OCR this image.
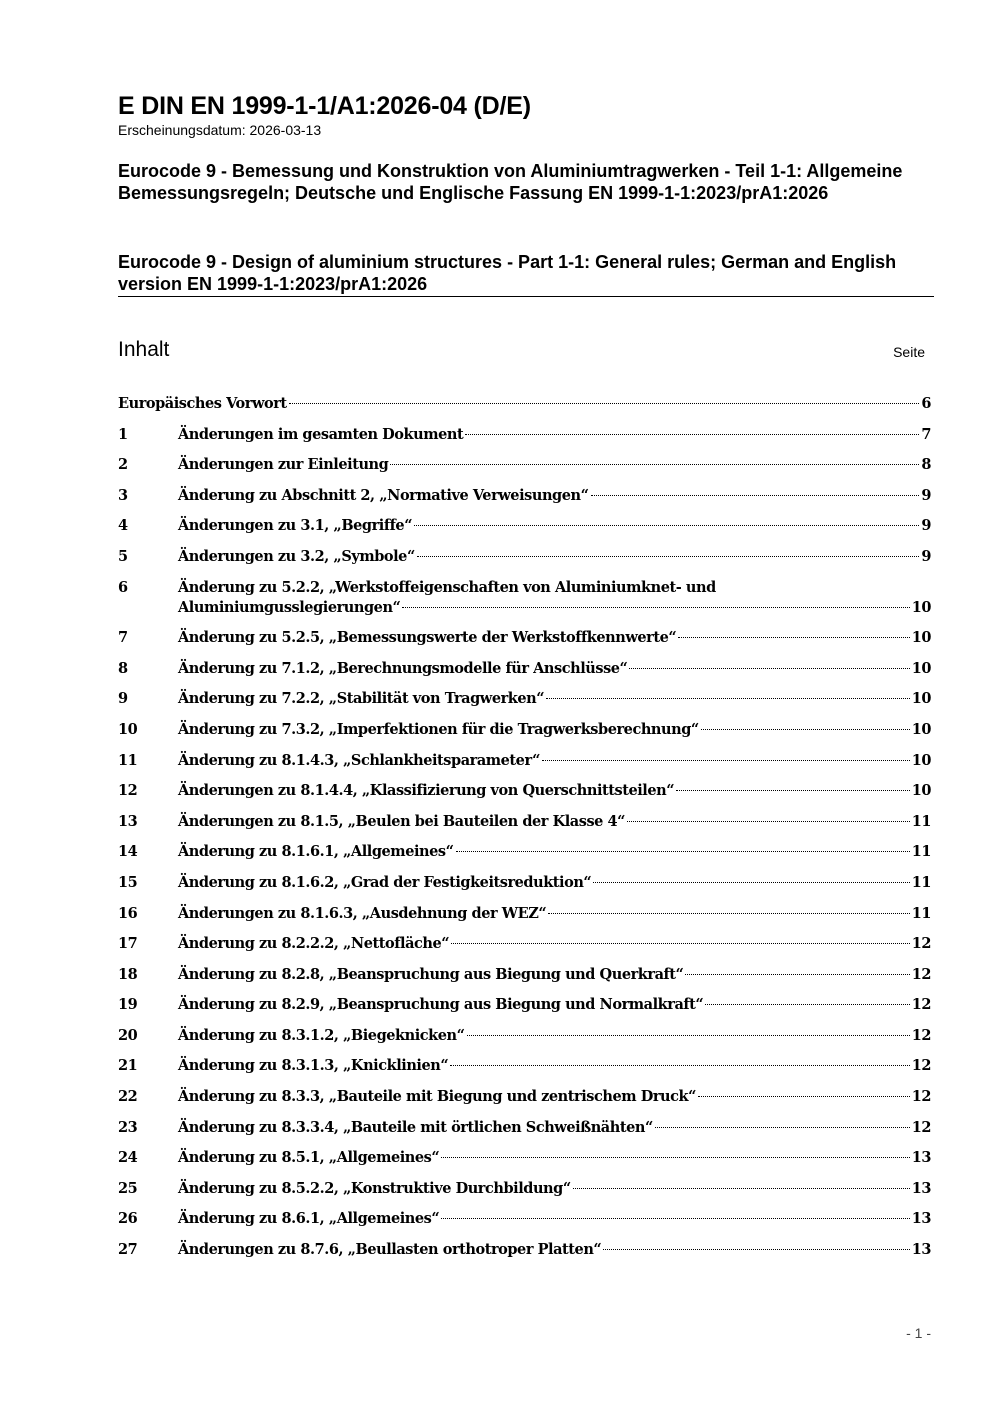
E DIN EN 1999-1-1/A1:2026-04 (D/E)
Erscheinungsdatum: 2026-03-13
Eurocode 9 - Bemessung und Konstruktion von Aluminiumtragwerken - Teil 1-1: Allgemeine Bemessungsregeln; Deutsche und Englische Fassung EN 1999-1-1:2023/prA1:2026
Eurocode 9 - Design of aluminium structures - Part 1-1: General rules; German and English version EN 1999-1-1:2023/prA1:2026
Inhalt	Seite
Europäisches Vorwort	6
1	Änderungen im gesamten Dokument	7
2	Änderungen zur Einleitung	8
3	Änderung zu Abschnitt 2, „Normative Verweisungen“	9
4	Änderungen zu 3.1, „Begriffe“	9
5	Änderungen zu 3.2, „Symbole“	9
6	Änderung zu 5.2.2, „Werkstoffeigenschaften von Aluminiumknet- und
Aluminiumgusslegierungen“	10
7	Änderung zu 5.2.5, „Bemessungswerte der Werkstoffkennwerte“	10
8	Änderung zu 7.1.2, „Berechnungsmodelle für Anschlüsse“	10
9	Änderung zu 7.2.2, „Stabilität von Tragwerken“	10
10	Änderung zu 7.3.2, „Imperfektionen für die Tragwerksberechnung“	10
11	Änderung zu 8.1.4.3, „Schlankheitsparameter“	10
12	Änderungen zu 8.1.4.4, „Klassifizierung von Querschnittsteilen“	10
13	Änderungen zu 8.1.5, „Beulen bei Bauteilen der Klasse 4“	11
14	Änderung zu 8.1.6.1, „Allgemeines“	11
15	Änderung zu 8.1.6.2, „Grad der Festigkeitsreduktion“	11
16	Änderungen zu 8.1.6.3, „Ausdehnung der WEZ“	11
17	Änderung zu 8.2.2.2, „Nettofläche“	12
18	Änderung zu 8.2.8, „Beanspruchung aus Biegung und Querkraft“	12
19	Änderung zu 8.2.9, „Beanspruchung aus Biegung und Normalkraft“	12
20	Änderung zu 8.3.1.2, „Biegeknicken“	12
21	Änderung zu 8.3.1.3, „Knicklinien“	12
22	Änderung zu 8.3.3, „Bauteile mit Biegung und zentrischem Druck“	12
23	Änderung zu 8.3.3.4, „Bauteile mit örtlichen Schweißnähten“	12
24	Änderung zu 8.5.1, „Allgemeines“	13
25	Änderung zu 8.5.2.2, „Konstruktive Durchbildung“	13
26	Änderung zu 8.6.1, „Allgemeines“	13
27	Änderungen zu 8.7.6, „Beullasten orthotroper Platten“	13
- 1 -
